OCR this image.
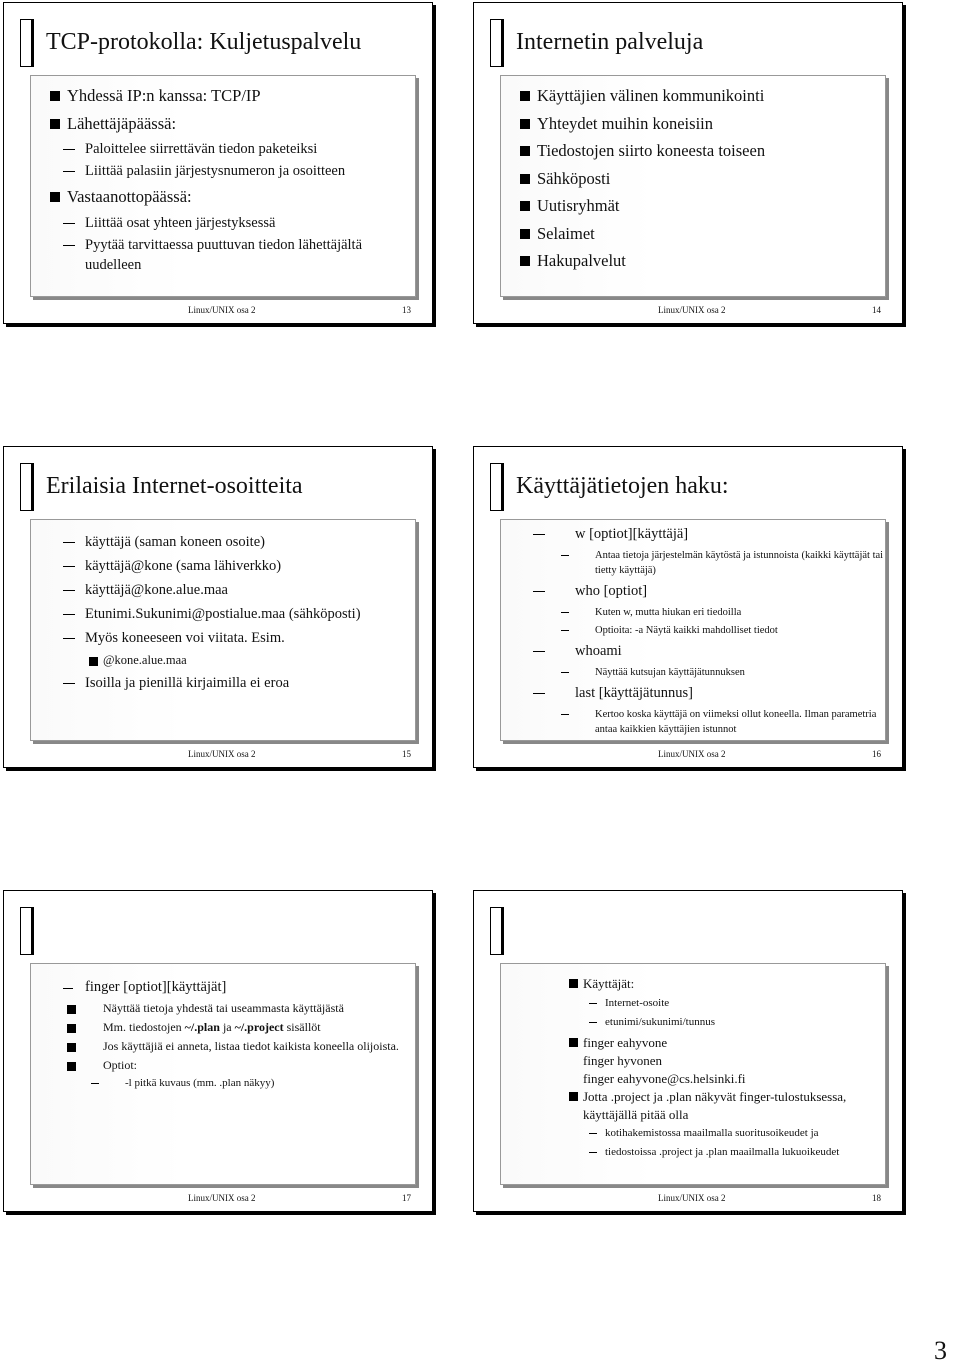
TCP-protokolla: Kuljetuspalvelu
Yhdessä IP:n kanssa: TCP/IP
Lähettäjäpäässä:
Paloittelee siirrettävän tiedon paketeiksi
Liittää palasiin järjestysnumeron ja osoitteen
Vastaanottopäässä:
Liittää osat yhteen järjestyksessä
Pyytää tarvittaessa puuttuvan tiedon lähettäjältä uudelleen
Linux/UNIX osa 2	13
Internetin palveluja
Käyttäjien välinen kommunikointi
Yhteydet muihin koneisiin
Tiedostojen siirto koneesta toiseen
Sähköposti
Uutisryhmät
Selaimet
Hakupalvelut
Linux/UNIX osa 2	14
Erilaisia Internet-osoitteita
käyttäjä (saman koneen osoite)
käyttäjä@kone (sama lähiverkko)
käyttäjä@kone.alue.maa
Etunimi.Sukunimi@postialue.maa (sähköposti)
Myös koneeseen voi viitata. Esim.
@kone.alue.maa
Isoilla ja pienillä kirjaimilla ei eroa
Linux/UNIX osa 2	15
Käyttäjätietojen haku:
w [optiot][käyttäjä]
Antaa tietoja järjestelmän käytöstä ja istunnoista (kaikki käyttäjät tai tietty käyttäjä)
who [optiot]
Kuten w, mutta hiukan eri tiedoilla
Optioita: -a Näytä kaikki mahdolliset tiedot
whoami
Näyttää kutsujan käyttäjätunnuksen
last [käyttäjätunnus]
Kertoo koska käyttäjä on viimeksi ollut koneella. Ilman parametria antaa kaikkien käyttäjien istunnot
Linux/UNIX osa 2	16
finger [optiot][käyttäjät]
Näyttää tietoja yhdestä tai useammasta käyttäjästä
Mm. tiedostojen ~/.plan ja ~/.project sisällöt
Jos käyttäjiä ei anneta, listaa tiedot kaikista koneella olijoista.
Optiot:
-l pitkä kuvaus (mm. .plan näkyy)
Linux/UNIX osa 2	17
Käyttäjät:
Internet-osoite
etunimi/sukunimi/tunnus
finger eahyvone
finger hyvonen
finger eahyvone@cs.helsinki.fi
Jotta .project ja .plan näkyvät finger-tulostuksessa, käyttäjällä pitää olla
kotihakemistossa maailmalla suoritusoikeudet ja
tiedostoissa .project ja .plan maailmalla lukuoikeudet
Linux/UNIX osa 2	18
3
